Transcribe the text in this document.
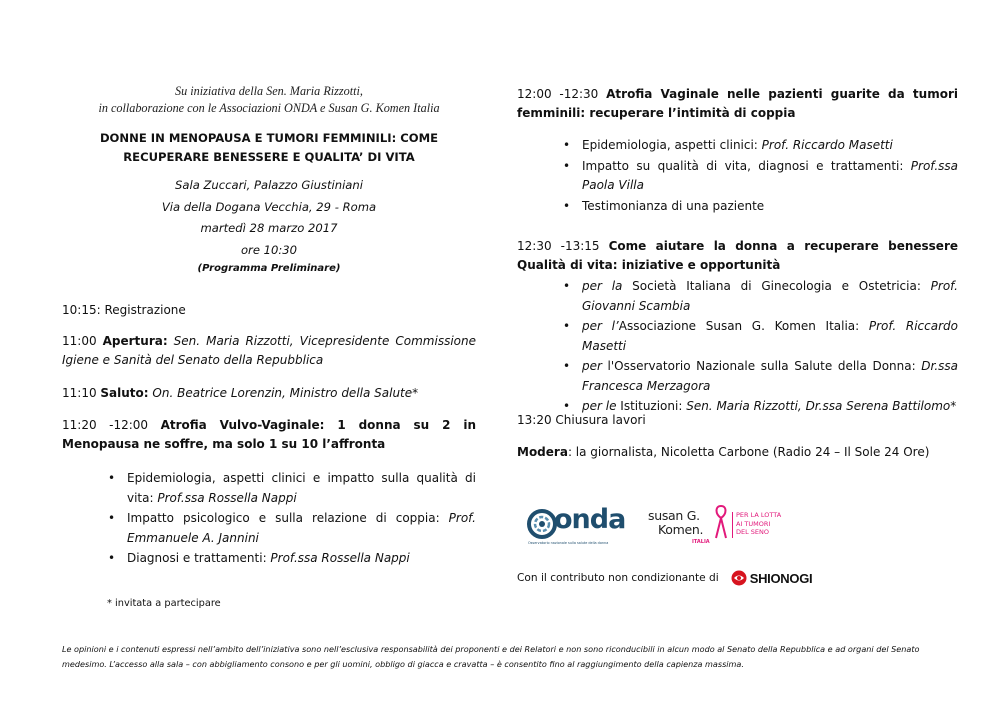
Su iniziativa della Sen. Maria Rizzotti,
in collaborazione con le Associazioni ONDA e Susan G. Komen Italia
DONNE IN MENOPAUSA E TUMORI FEMMINILI: COME RECUPERARE BENESSERE E QUALITA’ DI VITA
Sala Zuccari, Palazzo Giustiniani
Via della Dogana Vecchia, 29 - Roma
martedì 28 marzo 2017
ore 10:30
(Programma Preliminare)
10:15: Registrazione
11:00 Apertura: Sen. Maria Rizzotti, Vicepresidente Commissione Igiene e Sanità del Senato della Repubblica
11:10 Saluto: On. Beatrice Lorenzin, Ministro della Salute*
11:20 -12:00 Atrofia Vulvo-Vaginale: 1 donna su 2 in Menopausa ne soffre, ma solo 1 su 10 l’affronta
• Epidemiologia, aspetti clinici e impatto sulla qualità di vita: Prof.ssa Rossella Nappi
• Impatto psicologico e sulla relazione di coppia: Prof. Emmanuele A. Jannini
• Diagnosi e trattamenti: Prof.ssa Rossella Nappi
* invitata a partecipare
12:00 -12:30 Atrofia Vaginale nelle pazienti guarite da tumori femminili: recuperare l’intimità di coppia
• Epidemiologia, aspetti clinici: Prof. Riccardo Masetti
• Impatto su qualità di vita, diagnosi e trattamenti: Prof.ssa Paola Villa
• Testimonianza di una paziente
12:30 -13:15 Come aiutare la donna a recuperare benessere Qualità di vita: iniziative e opportunità
• per la Società Italiana di Ginecologia e Ostetricia: Prof. Giovanni Scambia
• per l’Associazione Susan G. Komen Italia: Prof. Riccardo Masetti
• per l'Osservatorio Nazionale sulla Salute della Donna: Dr.ssa Francesca Merzagora
• per le Istituzioni: Sen. Maria Rizzotti, Dr.ssa Serena Battilomo*
13:20 Chiusura lavori
Modera: la giornalista, Nicoletta Carbone (Radio 24 – Il Sole 24 Ore)
onda
Osservatorio nazionale sulla salute della donna
susan G.
Komen.
ITALIA
PER LA LOTTA
AI TUMORI
DEL SENO
Con il contributo non condizionante di SHIONOGI
Le opinioni e i contenuti espressi nell’ambito dell’iniziativa sono nell’esclusiva responsabilità dei proponenti e dei Relatori e non sono riconducibili in alcun modo al Senato della Repubblica e ad organi del Senato medesimo. L’accesso alla sala – con abbigliamento consono e per gli uomini, obbligo di giacca e cravatta – è consentito fino al raggiungimento della capienza massima.
